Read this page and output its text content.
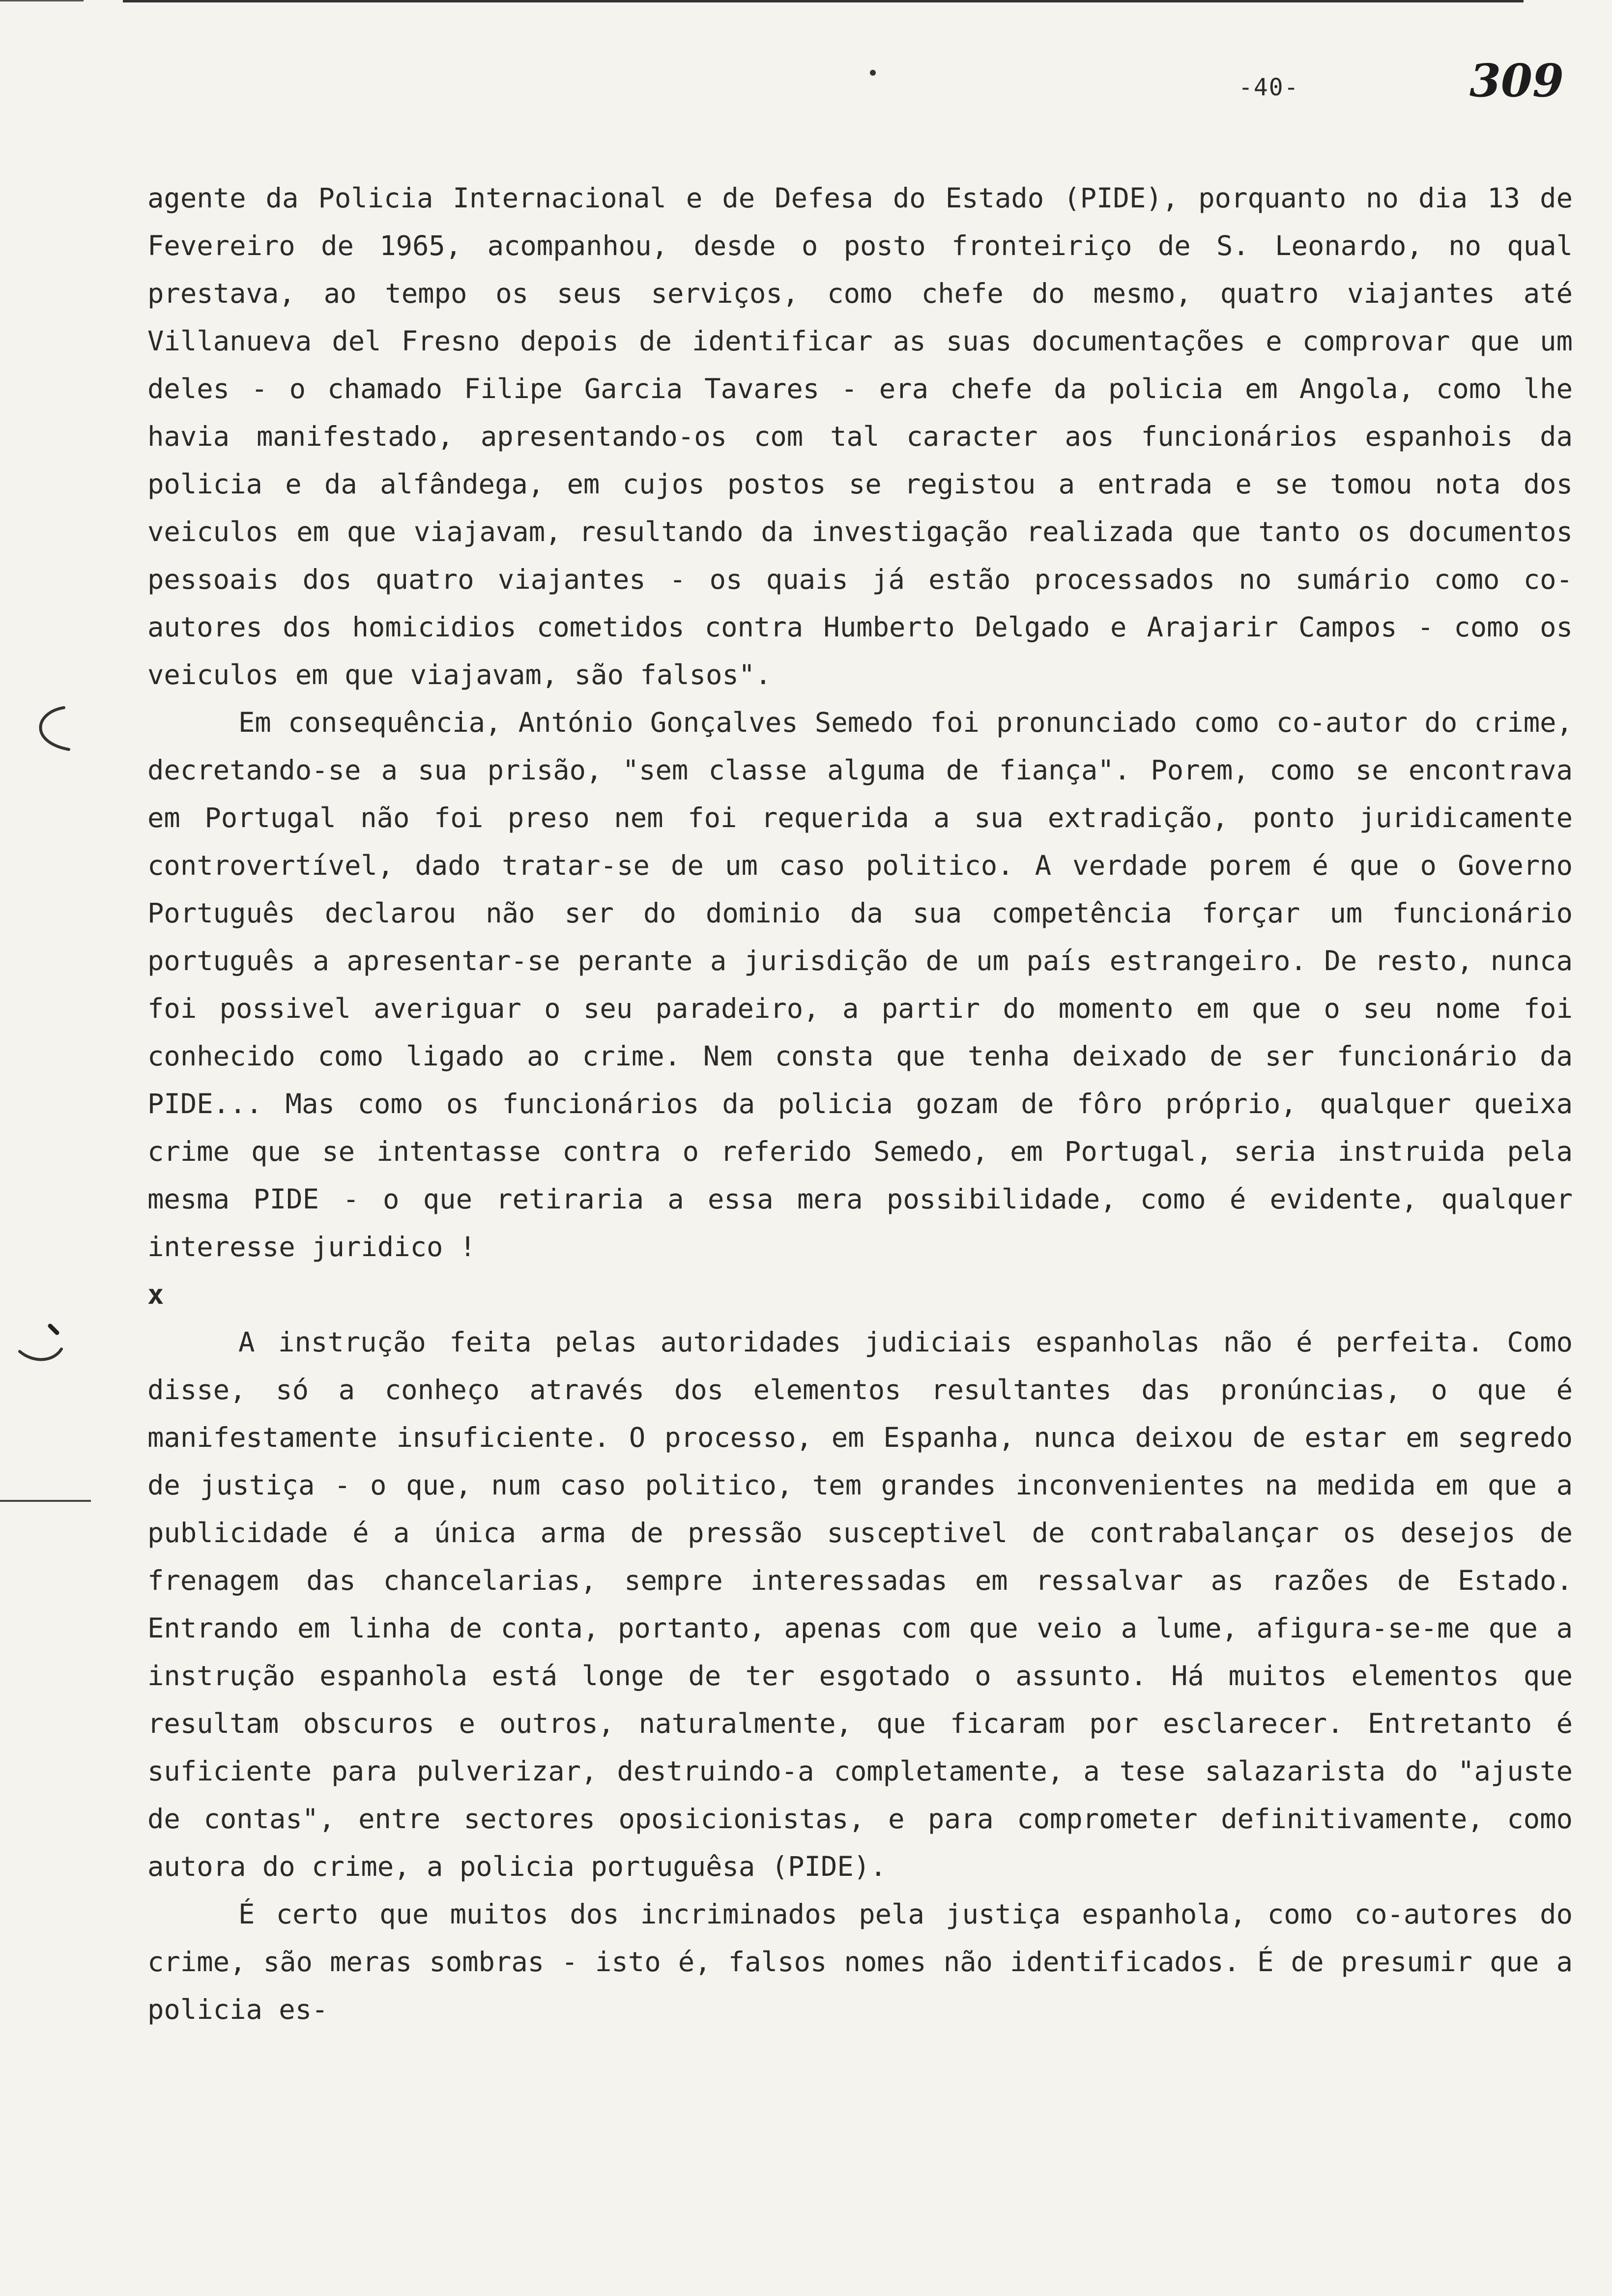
-40-	309

agente da Policia Internacional e de Defesa do Estado (PIDE), porquanto no dia 13 de Fevereiro de 1965, acompanhou, desde o posto fronteiriço de S. Leonardo, no qual prestava, ao tempo os seus serviços, como chefe do mesmo, quatro viajantes até Villanueva del Fresno depois de identificar as suas documentações e comprovar que um deles - o chamado Filipe Garcia Tavares - era chefe da policia em Angola, como lhe havia manifestado, apresentando-os com tal caracter aos funcionários espanhois da policia e da alfândega, em cujos postos se registou a entrada e se tomou nota dos veiculos em que viajavam, resultando da investigação realizada que tanto os documentos pessoais dos quatro viajantes - os quais já estão processados no sumário como co-autores dos homicidios cometidos contra Humberto Delgado e Arajarir Campos - como os veiculos em que viajavam, são falsos".

Em consequência, António Gonçalves Semedo foi pronunciado como co-autor do crime, decretando-se a sua prisão, "sem classe alguma de fiança". Porem, como se encontrava em Portugal não foi preso nem foi requerida a sua extradição, ponto juridicamente controvertível, dado tratar-se de um caso politico. A verdade porem é que o Governo Português declarou não ser do dominio da sua competência forçar um funcionário português a apresentar-se perante a jurisdição de um país estrangeiro. De resto, nunca foi possivel averiguar o seu paradeiro, a partir do momento em que o seu nome foi conhecido como ligado ao crime. Nem consta que tenha deixado de ser funcionário da PIDE... Mas como os funcionários da policia gozam de fôro próprio, qualquer queixa crime que se intentasse contra o referido Semedo, em Portugal, seria instruida pela mesma PIDE - o que retiraria a essa mera possibilidade, como é evidente, qualquer interesse juridico !

x

A instrução feita pelas autoridades judiciais espanholas não é perfeita. Como disse, só a conheço através dos elementos resultantes das pronúncias, o que é manifestamente insuficiente. O processo, em Espanha, nunca deixou de estar em segredo de justiça - o que, num caso politico, tem grandes inconvenientes na medida em que a publicidade é a única arma de pressão susceptivel de contrabalançar os desejos de frenagem das chancelarias, sempre interessadas em ressalvar as razões de Estado. Entrando em linha de conta, portanto, apenas com que veio a lume, afigura-se-me que a instrução espanhola está longe de ter esgotado o assunto. Há muitos elementos que resultam obscuros e outros, naturalmente, que ficaram por esclarecer. Entretanto é suficiente para pulverizar, destruindo-a completamente, a tese salazarista do "ajuste de contas", entre sectores oposicionistas, e para comprometer definitivamente, como autora do crime, a policia portuguêsa (PIDE).

É certo que muitos dos incriminados pela justiça espanhola, como co-autores do crime, são meras sombras - isto é, falsos nomes não identificados. É de presumir que a policia es-
